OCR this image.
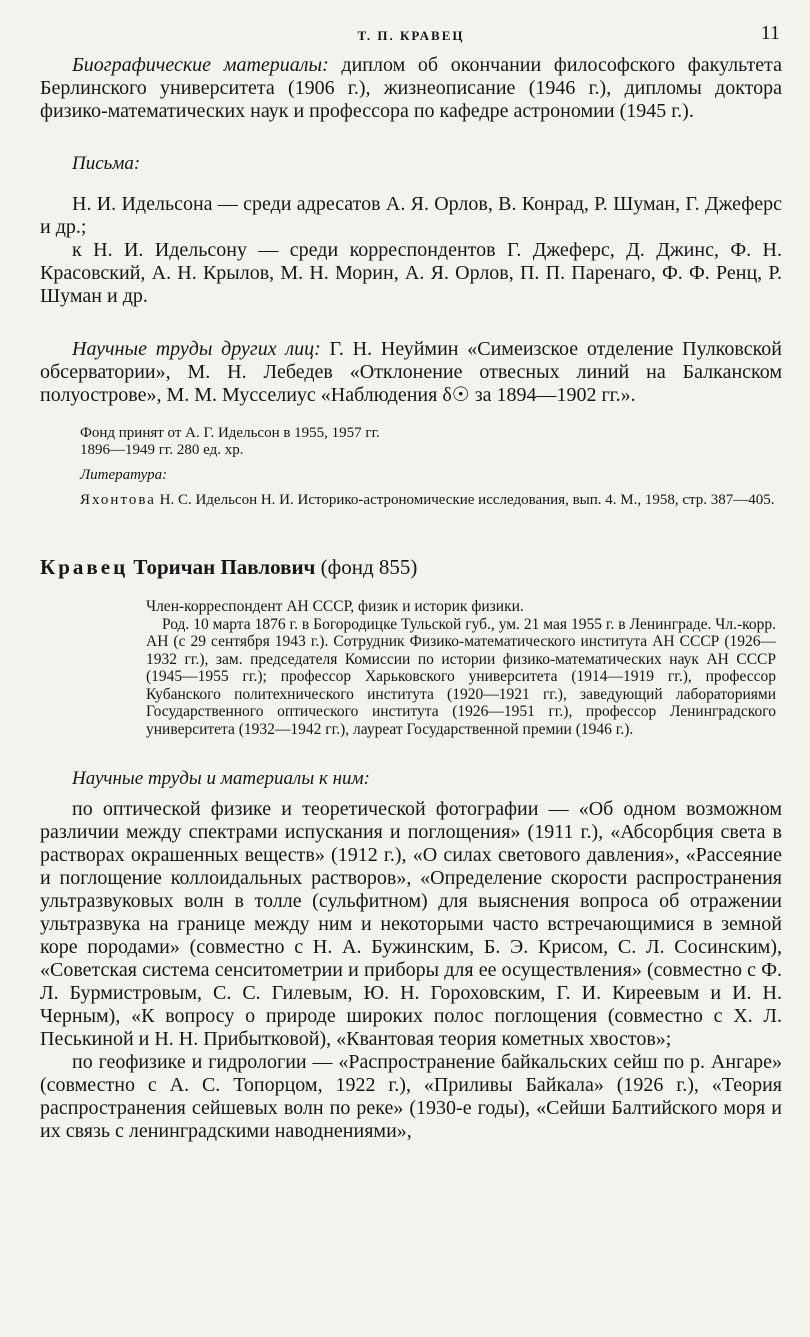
Т. П. КРАВЕЦ	11

Биографические материалы: диплом об окончании философского факультета Берлинского университета (1906 г.), жизнеописание (1946 г.), дипломы доктора физико-математических наук и профессора по кафедре астрономии (1945 г.).

Письма:

Н. И. Идельсона — среди адресатов А. Я. Орлов, В. Конрад, Р. Шуман, Г. Джеферс и др.;

к Н. И. Идельсону — среди корреспондентов Г. Джеферс, Д. Джинс, Ф. Н. Красовский, А. Н. Крылов, М. Н. Морин, А. Я. Орлов, П. П. Паренаго, Ф. Ф. Ренц, Р. Шуман и др.

Научные труды других лиц: Г. Н. Неуймин «Симеизское отделение Пулковской обсерватории», М. Н. Лебедев «Отклонение отвесных линий на Балканском полуострове», М. М. Мусселиус «Наблюдения δ☉ за 1894—1902 гг.».

Фонд принят от А. Г. Идельсон в 1955, 1957 гг.

1896—1949 гг. 280 ед. хр.

Литература:

Яхонтова Н. С. Идельсон Н. И. Историко-астрономические исследования, вып. 4. М., 1958, стр. 387—405.

Кравец Торичан Павлович (фонд 855)

Член-корреспондент АН СССР, физик и историк физики.

Род. 10 марта 1876 г. в Богородицке Тульской губ., ум. 21 мая 1955 г. в Ленинграде. Чл.-корр. АН (с 29 сентября 1943 г.). Сотрудник Физико-математического института АН СССР (1926—1932 гг.), зам. председателя Комиссии по истории физико-математических наук АН СССР (1945—1955 гг.); профессор Харьковского университета (1914—1919 гг.), профессор Кубанского политехнического института (1920—1921 гг.), заведующий лабораториями Государственного оптического института (1926—1951 гг.), профессор Ленинградского университета (1932—1942 гг.), лауреат Государственной премии (1946 г.).

Научные труды и материалы к ним:

по оптической физике и теоретической фотографии — «Об одном возможном различии между спектрами испускания и поглощения» (1911 г.), «Абсорбция света в растворах окрашенных веществ» (1912 г.), «О силах светового давления», «Рассеяние и поглощение коллоидальных растворов», «Определение скорости распространения ультразвуковых волн в толле (сульфитном) для выяснения вопроса об отражении ультразвука на границе между ним и некоторыми часто встречающимися в земной коре породами» (совместно с Н. А. Бужинским, Б. Э. Крисом, С. Л. Сосинским), «Советская система сенситометрии и приборы для ее осуществления» (совместно с Ф. Л. Бурмистровым, С. С. Гилевым, Ю. Н. Гороховским, Г. И. Киреевым и И. Н. Черным), «К вопросу о природе широких полос поглощения (совместно с Х. Л. Песькиной и Н. Н. Прибытковой), «Квантовая теория кометных хвостов»;

по геофизике и гидрологии — «Распространение байкальских сейш по р. Ангаре» (совместно с А. С. Топорцом, 1922 г.), «Приливы Байкала» (1926 г.), «Теория распространения сейшевых волн по реке» (1930-е годы), «Сейши Балтийского моря и их связь с ленинградскими наводнениями»,
